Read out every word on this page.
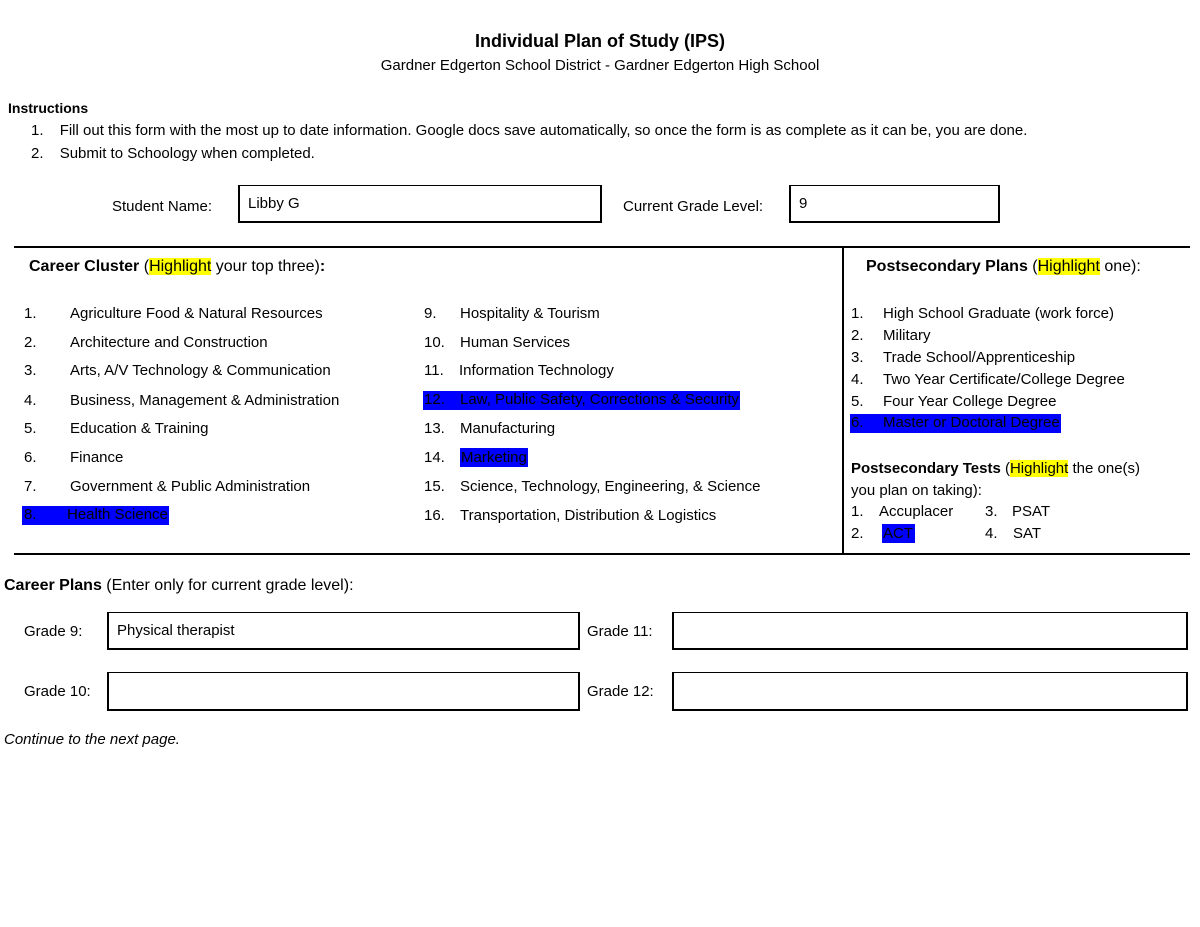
Individual Plan of Study (IPS)
Gardner Edgerton School District - Gardner Edgerton High School
Instructions
1. Fill out this form with the most up to date information. Google docs save automatically, so once the form is as complete as it can be, you are done.
2. Submit to Schoology when completed.
Student Name: Libby G	Current Grade Level: 9
Career Cluster (Highlight your top three):
1. Agriculture Food & Natural Resources
2. Architecture and Construction
3. Arts, A/V Technology & Communication
4. Business, Management & Administration
5. Education & Training
6. Finance
7. Government & Public Administration
8. Health Science
9. Hospitality & Tourism
10. Human Services
11. Information Technology
12. Law, Public Safety, Corrections & Security
13. Manufacturing
14. Marketing
15. Science, Technology, Engineering, & Science
16. Transportation, Distribution & Logistics
Postsecondary Plans (Highlight one):
1. High School Graduate (work force)
2. Military
3. Trade School/Apprenticeship
4. Two Year Certificate/College Degree
5. Four Year College Degree
6. Master or Doctoral Degree
Postsecondary Tests (Highlight the one(s)
you plan on taking):
1. Accuplacer
2. ACT
3. PSAT
4. SAT
Career Plans (Enter only for current grade level):
Grade 9: Physical therapist
Grade 10:
Grade 11:
Grade 12:
Continue to the next page.
